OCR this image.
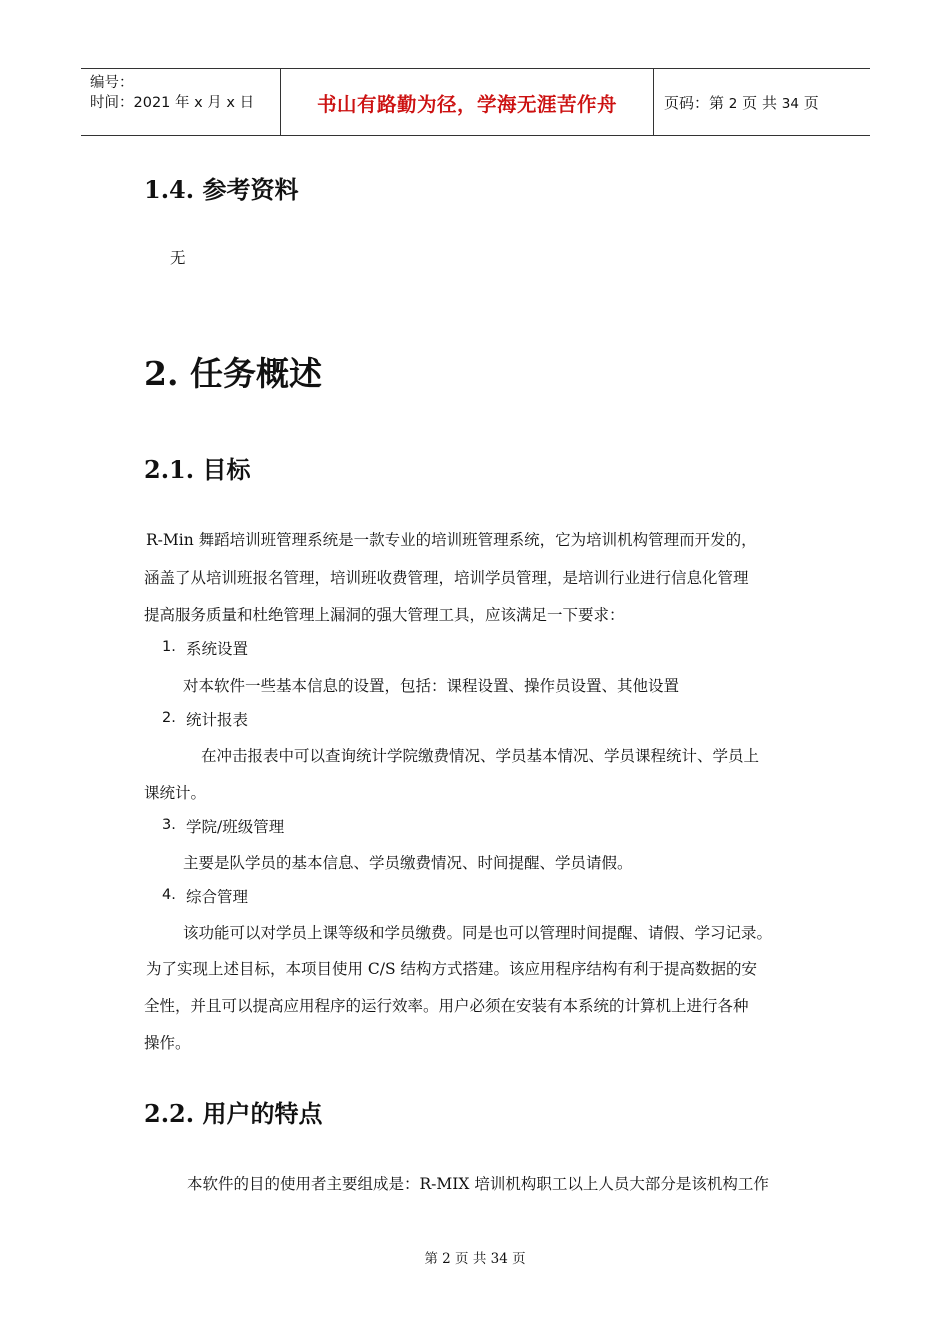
编号：
时间：2021 年 x 月 x 日	书山有路勤为径，学海无涯苦作舟	页码：第 2 页 共 34 页
1.4. 参考资料
无
2. 任务概述
2.1. 目标
R-Min 舞蹈培训班管理系统是一款专业的培训班管理系统，它为培训机构管理而开发的，
涵盖了从培训班报名管理，培训班收费管理，培训学员管理，是培训行业进行信息化管理
提高服务质量和杜绝管理上漏洞的强大管理工具，应该满足一下要求：
1. 系统设置
对本软件一些基本信息的设置，包括：课程设置、操作员设置、其他设置
2. 统计报表
在冲击报表中可以查询统计学院缴费情况、学员基本情况、学员课程统计、学员上
课统计。
3. 学院/班级管理
主要是队学员的基本信息、学员缴费情况、时间提醒、学员请假。
4. 综合管理
该功能可以对学员上课等级和学员缴费。同是也可以管理时间提醒、请假、学习记录。
为了实现上述目标，本项目使用 C/S 结构方式搭建。该应用程序结构有利于提高数据的安
全性，并且可以提高应用程序的运行效率。用户必须在安装有本系统的计算机上进行各种
操作。
2.2. 用户的特点
本软件的目的使用者主要组成是：R-MIX 培训机构职工以上人员大部分是该机构工作
第 2 页 共 34 页
